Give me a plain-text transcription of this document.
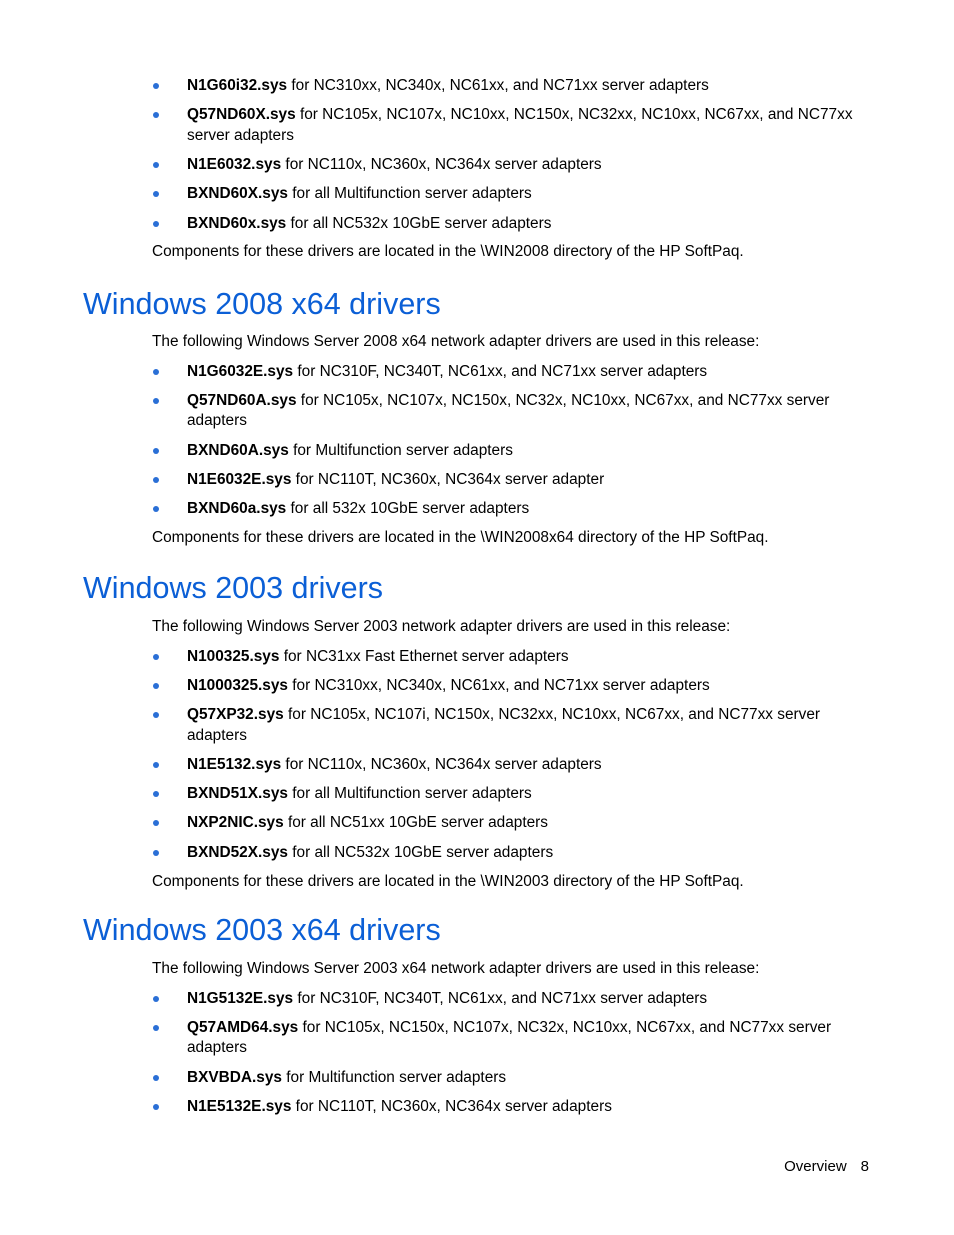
N1G60i32.sys for NC310xx, NC340x, NC61xx, and NC71xx server adapters
Q57ND60X.sys for NC105x, NC107x, NC10xx, NC150x, NC32xx, NC10xx, NC67xx, and NC77xx server adapters
N1E6032.sys for NC110x, NC360x, NC364x server adapters
BXND60X.sys for all Multifunction server adapters
BXND60x.sys for all NC532x 10GbE server adapters

Components for these drivers are located in the \WIN2008 directory of the HP SoftPaq.

Windows 2008 x64 drivers

The following Windows Server 2008 x64 network adapter drivers are used in this release:

N1G6032E.sys for NC310F, NC340T, NC61xx, and NC71xx server adapters
Q57ND60A.sys for NC105x, NC107x, NC150x, NC32x, NC10xx, NC67xx, and NC77xx server adapters
BXND60A.sys for Multifunction server adapters
N1E6032E.sys for NC110T, NC360x, NC364x server adapter
BXND60a.sys for all 532x 10GbE server adapters

Components for these drivers are located in the \WIN2008x64 directory of the HP SoftPaq.

Windows 2003 drivers

The following Windows Server 2003 network adapter drivers are used in this release:

N100325.sys for NC31xx Fast Ethernet server adapters
N1000325.sys for NC310xx, NC340x, NC61xx, and NC71xx server adapters
Q57XP32.sys for NC105x, NC107i, NC150x, NC32xx, NC10xx, NC67xx, and NC77xx server adapters
N1E5132.sys for NC110x, NC360x, NC364x server adapters
BXND51X.sys for all Multifunction server adapters
NXP2NIC.sys for all NC51xx 10GbE server adapters
BXND52X.sys for all NC532x 10GbE server adapters

Components for these drivers are located in the \WIN2003 directory of the HP SoftPaq.

Windows 2003 x64 drivers

The following Windows Server 2003 x64 network adapter drivers are used in this release:

N1G5132E.sys for NC310F, NC340T, NC61xx, and NC71xx server adapters
Q57AMD64.sys for NC105x, NC150x, NC107x, NC32x, NC10xx, NC67xx, and NC77xx server adapters
BXVBDA.sys for Multifunction server adapters
N1E5132E.sys for NC110T, NC360x, NC364x server adapters
Overview 8
